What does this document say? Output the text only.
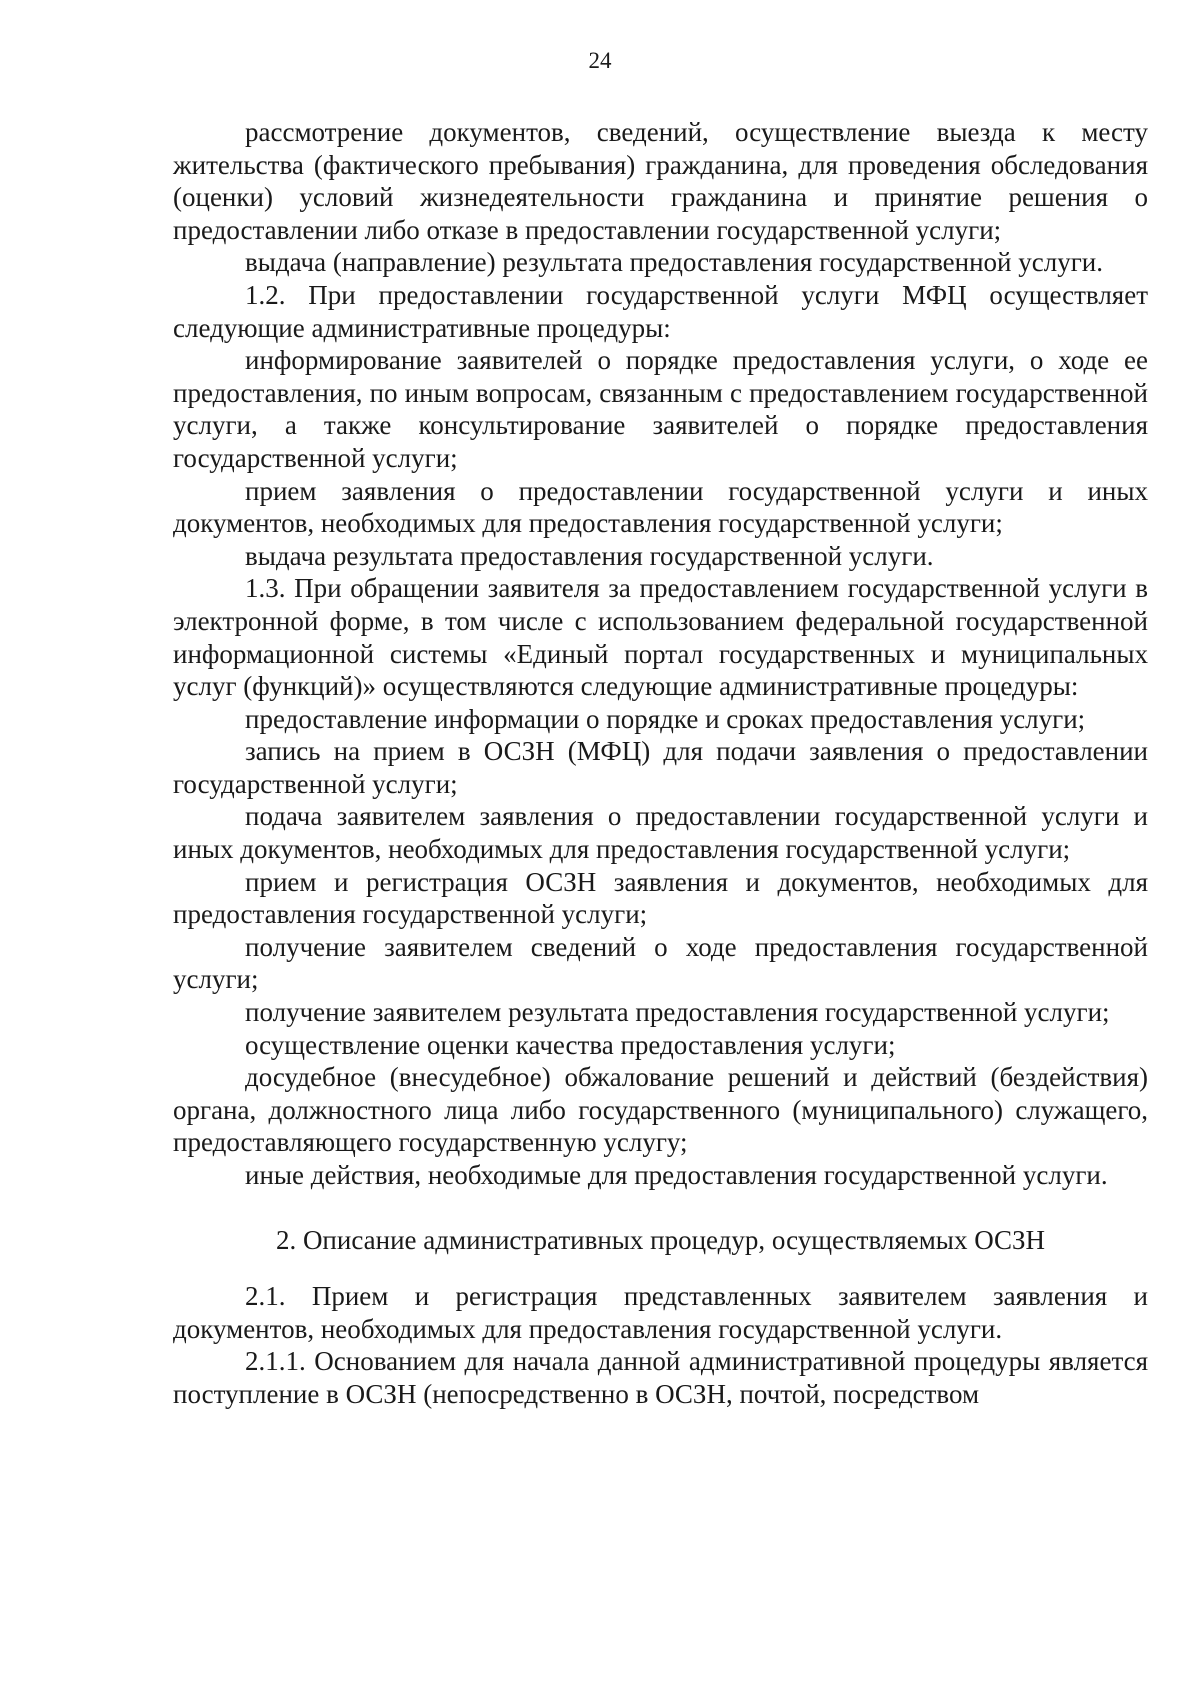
24

рассмотрение документов, сведений, осуществление выезда к месту жительства (фактического пребывания) гражданина, для проведения обследования (оценки) условий жизнедеятельности гражданина и принятие решения о предоставлении либо отказе в предоставлении государственной услуги;

выдача (направление) результата предоставления государственной услуги.

1.2. При предоставлении государственной услуги МФЦ осуществляет следующие административные процедуры:

информирование заявителей о порядке предоставления услуги, о ходе ее предоставления, по иным вопросам, связанным с предоставлением государственной услуги, а также консультирование заявителей о порядке предоставления государственной услуги;

прием заявления о предоставлении государственной услуги и иных документов, необходимых для предоставления государственной услуги;

выдача результата предоставления государственной услуги.

1.3. При обращении заявителя за предоставлением государственной услуги в электронной форме, в том числе с использованием федеральной государственной информационной системы «Единый портал государственных и муниципальных услуг (функций)» осуществляются следующие административные процедуры:

предоставление информации о порядке и сроках предоставления услуги;

запись на прием в ОСЗН (МФЦ) для подачи заявления о предоставлении государственной услуги;

подача заявителем заявления о предоставлении государственной услуги и иных документов, необходимых для предоставления государственной услуги;

прием и регистрация ОСЗН заявления и документов, необходимых для предоставления государственной услуги;

получение заявителем сведений о ходе предоставления государственной услуги;

получение заявителем результата предоставления государственной услуги;

осуществление оценки качества предоставления услуги;

досудебное (внесудебное) обжалование решений и действий (бездействия) органа, должностного лица либо государственного (муниципального) служащего, предоставляющего государственную услугу;

иные действия, необходимые для предоставления государственной услуги.

2. Описание административных процедур, осуществляемых ОСЗН

2.1. Прием и регистрация представленных заявителем заявления и документов, необходимых для предоставления государственной услуги.

2.1.1. Основанием для начала данной административной процедуры является поступление в ОСЗН (непосредственно в ОСЗН, почтой, посредством
